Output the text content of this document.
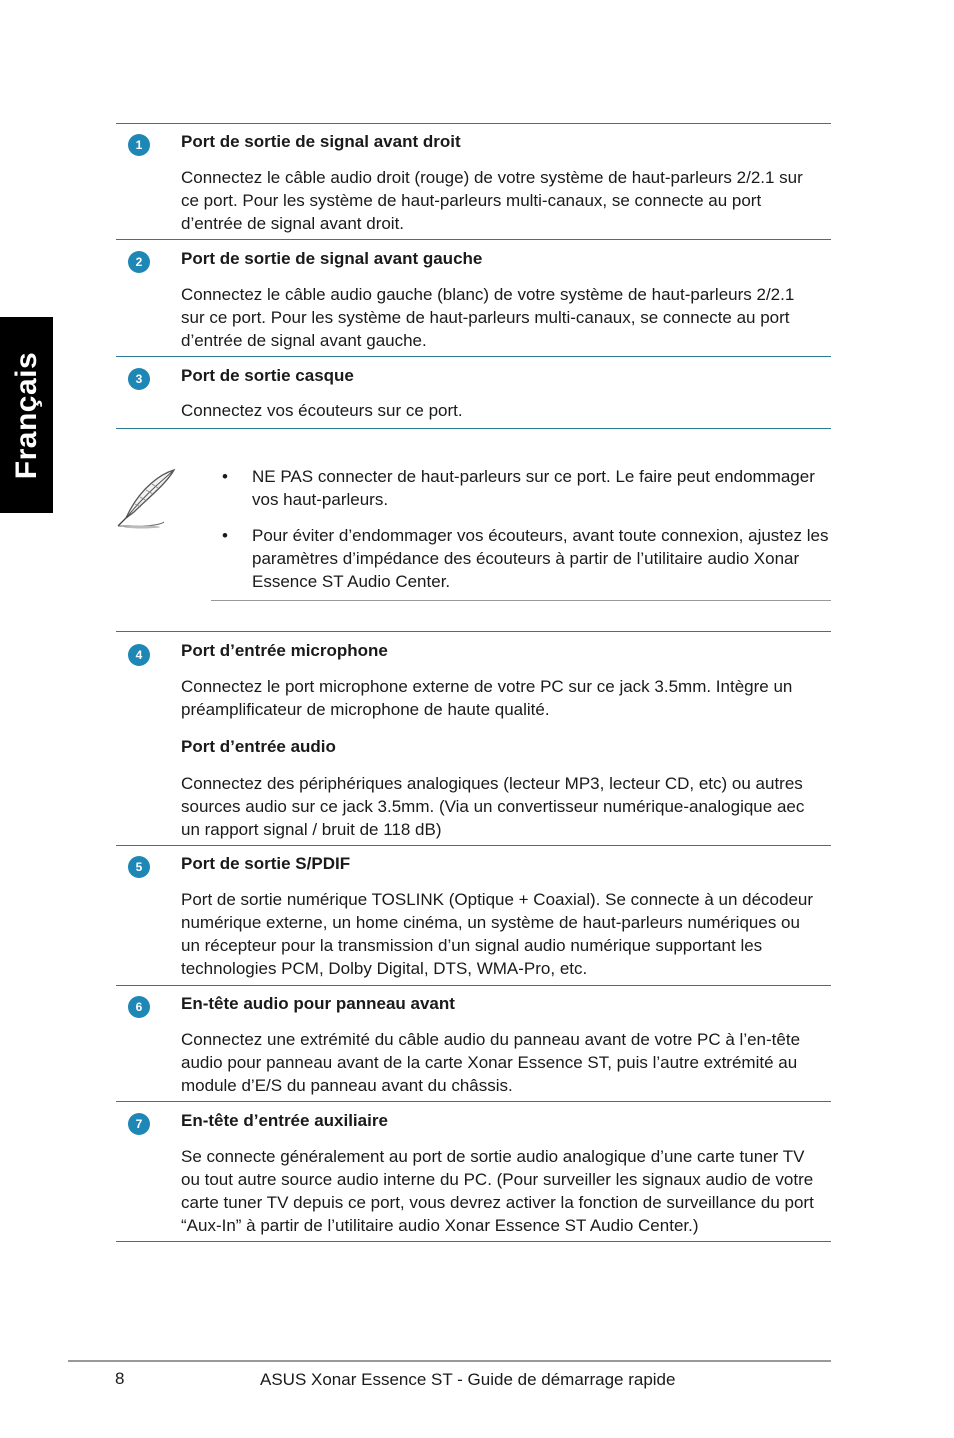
Français
1	Port de sortie de signal avant droit
Connectez le câble audio droit (rouge) de votre système de haut-parleurs 2/2.1 sur ce port. Pour les système de haut-parleurs multi-canaux, se connecte au port d’entrée de signal avant droit.
2	Port de sortie de signal avant gauche
Connectez le câble audio gauche (blanc) de votre système de haut-parleurs 2/2.1 sur ce port. Pour les système de haut-parleurs multi-canaux, se connecte au port d’entrée de signal avant gauche.
3	Port de sortie casque
Connectez vos écouteurs sur ce port.
• NE PAS connecter de haut-parleurs sur ce port. Le faire peut endommager vos haut-parleurs.
• Pour éviter d’endommager vos écouteurs, avant toute connexion, ajustez les paramètres d’impédance des écouteurs à partir de l’utilitaire audio Xonar Essence ST Audio Center.
4	Port d’entrée microphone
Connectez le port microphone externe de votre PC sur ce jack 3.5mm. Intègre un préamplificateur de microphone de haute qualité.
Port d’entrée audio
Connectez des périphériques analogiques (lecteur MP3, lecteur CD, etc) ou autres sources audio sur ce jack 3.5mm. (Via un convertisseur numérique-analogique aec un rapport signal / bruit de 118 dB)
5	Port de sortie S/PDIF
Port de sortie numérique TOSLINK (Optique + Coaxial). Se connecte à un décodeur numérique externe, un home cinéma, un système de haut-parleurs numériques ou un récepteur pour la transmission d’un signal audio numérique supportant les technologies PCM, Dolby Digital, DTS, WMA-Pro, etc.
6	En-tête audio pour panneau avant
Connectez une extrémité du câble audio du panneau avant de votre PC à l’en-tête audio pour panneau avant de la carte Xonar Essence ST, puis l’autre extrémité au module d’E/S du panneau avant du châssis.
7	En-tête d’entrée auxiliaire
Se connecte généralement au port de sortie audio analogique d’une carte tuner TV ou tout autre source audio interne du PC. (Pour surveiller les signaux audio de votre carte tuner TV depuis ce port, vous devrez activer la fonction de surveillance du port “Aux-In” à partir de l’utilitaire audio Xonar Essence ST Audio Center.)
8	ASUS Xonar Essence ST - Guide de démarrage rapide
